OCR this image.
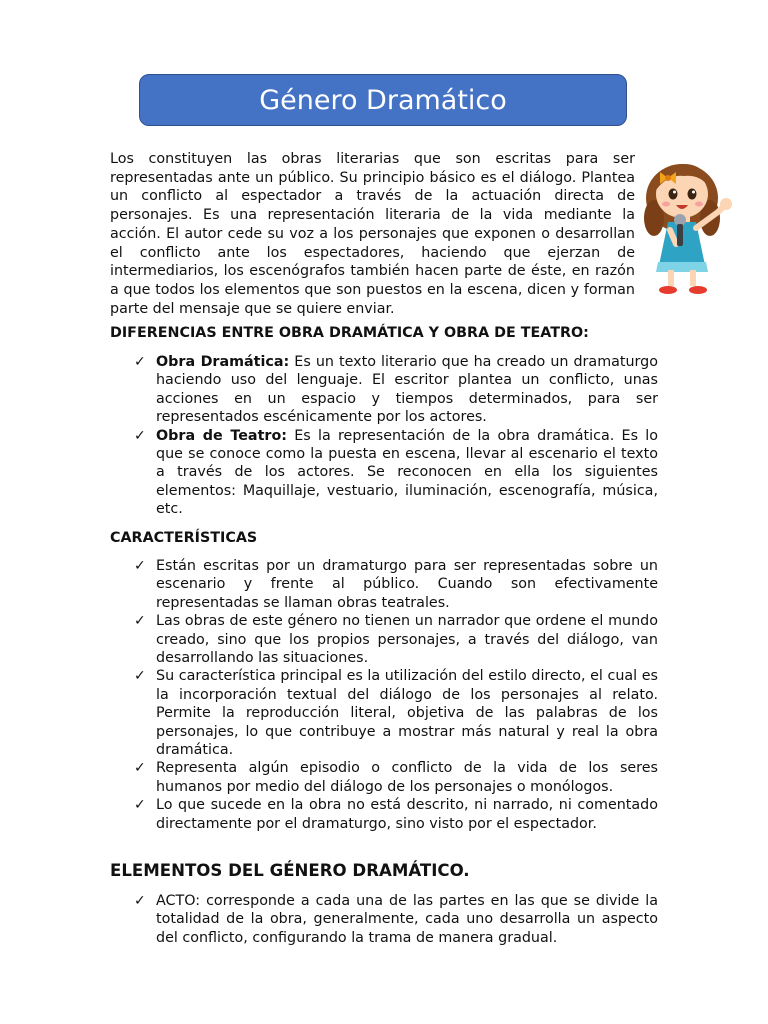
Género Dramático

Los constituyen las obras literarias que son escritas para ser representadas ante un público. Su principio básico es el diálogo. Plantea un conflicto al espectador a través de la actuación directa de personajes. Es una representación literaria de la vida mediante la acción. El autor cede su voz a los personajes que exponen o desarrollan el conflicto ante los espectadores, haciendo que ejerzan de intermediarios, los escenógrafos también hacen parte de éste, en razón a que todos los elementos que son puestos en la escena, dicen y forman parte del mensaje que se quiere enviar.

DIFERENCIAS ENTRE OBRA DRAMÁTICA Y OBRA DE TEATRO:
✓ Obra Dramática: Es un texto literario que ha creado un dramaturgo haciendo uso del lenguaje. El escritor plantea un conflicto, unas acciones en un espacio y tiempos determinados, para ser representados escénicamente por los actores.
✓ Obra de Teatro: Es la representación de la obra dramática. Es lo que se conoce como la puesta en escena, llevar al escenario el texto a través de los actores. Se reconocen en ella los siguientes elementos: Maquillaje, vestuario, iluminación, escenografía, música, etc.
CARACTERÍSTICAS
✓ Están escritas por un dramaturgo para ser representadas sobre un escenario y frente al público. Cuando son efectivamente representadas se llaman obras teatrales.
✓ Las obras de este género no tienen un narrador que ordene el mundo creado, sino que los propios personajes, a través del diálogo, van desarrollando las situaciones.
✓ Su característica principal es la utilización del estilo directo, el cual es la incorporación textual del diálogo de los personajes al relato. Permite la reproducción literal, objetiva de las palabras de los personajes, lo que contribuye a mostrar más natural y real la obra dramática.
✓ Representa algún episodio o conflicto de la vida de los seres humanos por medio del diálogo de los personajes o monólogos.
✓ Lo que sucede en la obra no está descrito, ni narrado, ni comentado directamente por el dramaturgo, sino visto por el espectador.
ELEMENTOS DEL GÉNERO DRAMÁTICO.
✓ ACTO: corresponde a cada una de las partes en las que se divide la totalidad de la obra, generalmente, cada uno desarrolla un aspecto del conflicto, configurando la trama de manera gradual.
